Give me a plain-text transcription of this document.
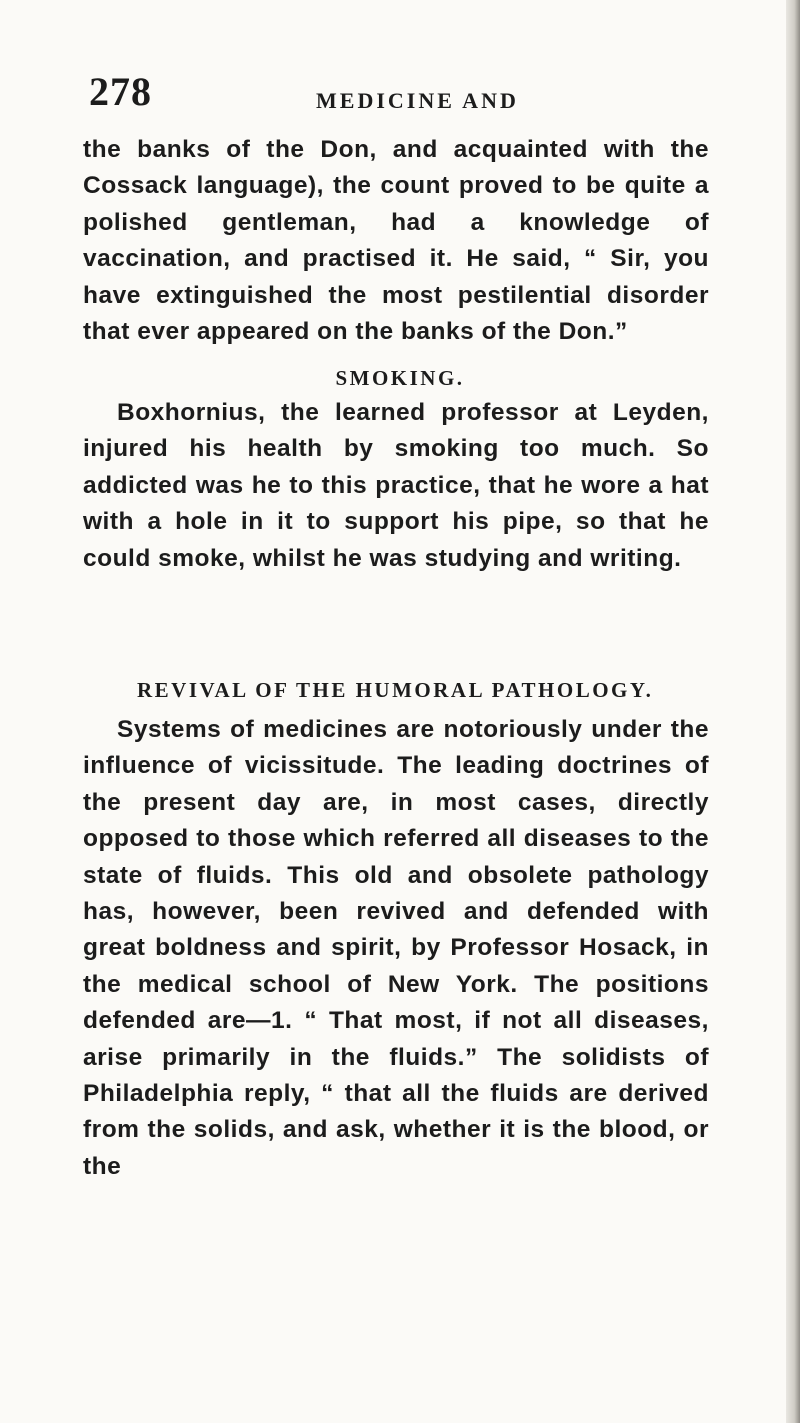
278	MEDICINE AND
the banks of the Don, and acquainted with the Cossack language), the count proved to be quite a polished gentleman, had a knowledge of vaccination, and practised it. He said, “ Sir, you have extinguished the most pestilential disorder that ever appeared on the banks of the Don.”
SMOKING.
Boxhornius, the learned professor at Leyden, injured his health by smoking too much. So addicted was he to this practice, that he wore a hat with a hole in it to support his pipe, so that he could smoke, whilst he was studying and writing.
REVIVAL OF THE HUMORAL PATHOLOGY.
Systems of medicines are notoriously under the influence of vicissitude. The leading doctrines of the present day are, in most cases, directly opposed to those which referred all diseases to the state of fluids. This old and obsolete pathology has, however, been revived and defended with great boldness and spirit, by Professor Hosack, in the medical school of New York. The positions defended are—1. “ That most, if not all diseases, arise primarily in the fluids.” The solidists of Philadelphia reply, “ that all the fluids are derived from the solids, and ask, whether it is the blood, or the
